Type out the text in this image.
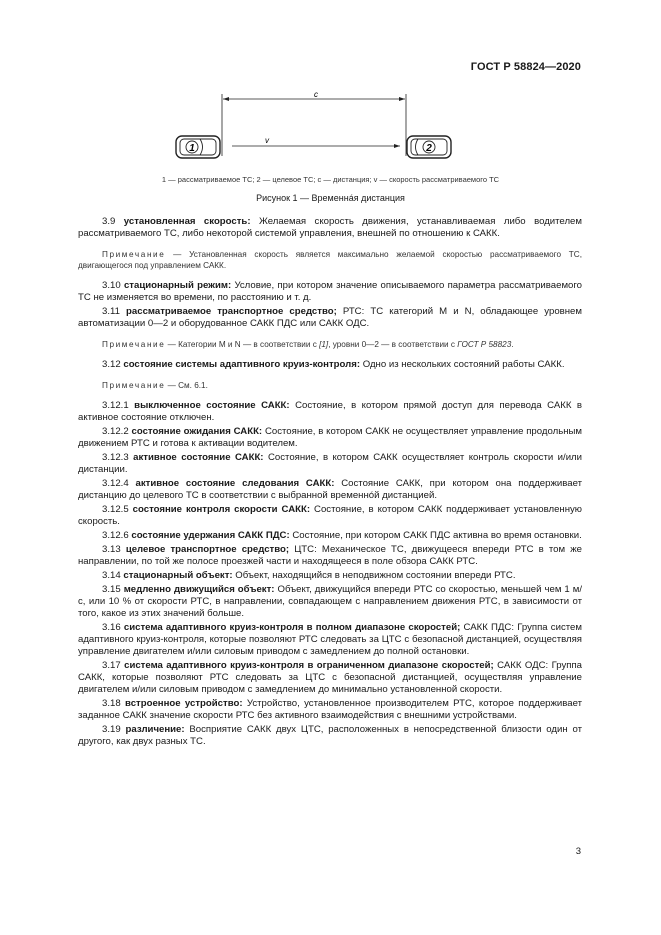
ГОСТ Р 58824—2020
c
v
1	2
1 — рассматриваемое ТС; 2 — целевое ТС; c — дистанция; v — скорость рассматриваемого ТС
Рисунок 1 — Временнáя дистанция

3.9 установленная скорость: Желаемая скорость движения, устанавливаемая либо водителем рассматриваемого ТС, либо некоторой системой управления, внешней по отношению к САКК.

Примечание — Установленная скорость является максимально желаемой скоростью рассматриваемого ТС, двигающегося под управлением САКК.

3.10 стационарный режим: Условие, при котором значение описываемого параметра рассматриваемого ТС не изменяется во времени, по расстоянию и т. д.

3.11 рассматриваемое транспортное средство; РТС: ТС категорий M и N, обладающее уровнем автоматизации 0—2 и оборудованное САКК ПДС или САКК ОДС.

Примечание — Категории M и N — в соответствии с [1], уровни 0—2 — в соответствии с ГОСТ Р 58823.

3.12 состояние системы адаптивного круиз-контроля: Одно из нескольких состояний работы САКК.

Примечание — См. 6.1.

3.12.1 выключенное состояние САКК: Состояние, в котором прямой доступ для перевода САКК в активное состояние отключен.

3.12.2 состояние ожидания САКК: Состояние, в котором САКК не осуществляет управление продольным движением РТС и готова к активации водителем.

3.12.3 активное состояние САКК: Состояние, в котором САКК осуществляет контроль скорости и/или дистанции.

3.12.4 активное состояние следования САКК: Состояние САКК, при котором она поддерживает дистанцию до целевого ТС в соответствии с выбранной временнóй дистанцией.

3.12.5 состояние контроля скорости САКК: Состояние, в котором САКК поддерживает установленную скорость.

3.12.6 состояние удержания САКК ПДС: Состояние, при котором САКК ПДС активна во время остановки.

3.13 целевое транспортное средство; ЦТС: Механическое ТС, движущееся впереди РТС в том же направлении, по той же полосе проезжей части и находящееся в поле обзора САКК РТС.

3.14 стационарный объект: Объект, находящийся в неподвижном состоянии впереди РТС.

3.15 медленно движущийся объект: Объект, движущийся впереди РТС со скоростью, меньшей чем 1 м/с, или 10 % от скорости РТС, в направлении, совпадающем с направлением движения РТС, в зависимости от того, какое из этих значений больше.

3.16 система адаптивного круиз-контроля в полном диапазоне скоростей; САКК ПДС: Группа систем адаптивного круиз-контроля, которые позволяют РТС следовать за ЦТС с безопасной дистанцией, осуществляя управление двигателем и/или силовым приводом с замедлением до полной остановки.

3.17 система адаптивного круиз-контроля в ограниченном диапазоне скоростей; САКК ОДС: Группа САКК, которые позволяют РТС следовать за ЦТС с безопасной дистанцией, осуществляя управление двигателем и/или силовым приводом с замедлением до минимально установленной скорости.

3.18 встроенное устройство: Устройство, установленное производителем РТС, которое поддерживает заданное САКК значение скорости РТС без активного взаимодействия с внешними устройствами.

3.19 различение: Восприятие САКК двух ЦТС, расположенных в непосредственной близости один от другого, как двух разных ТС.

3
